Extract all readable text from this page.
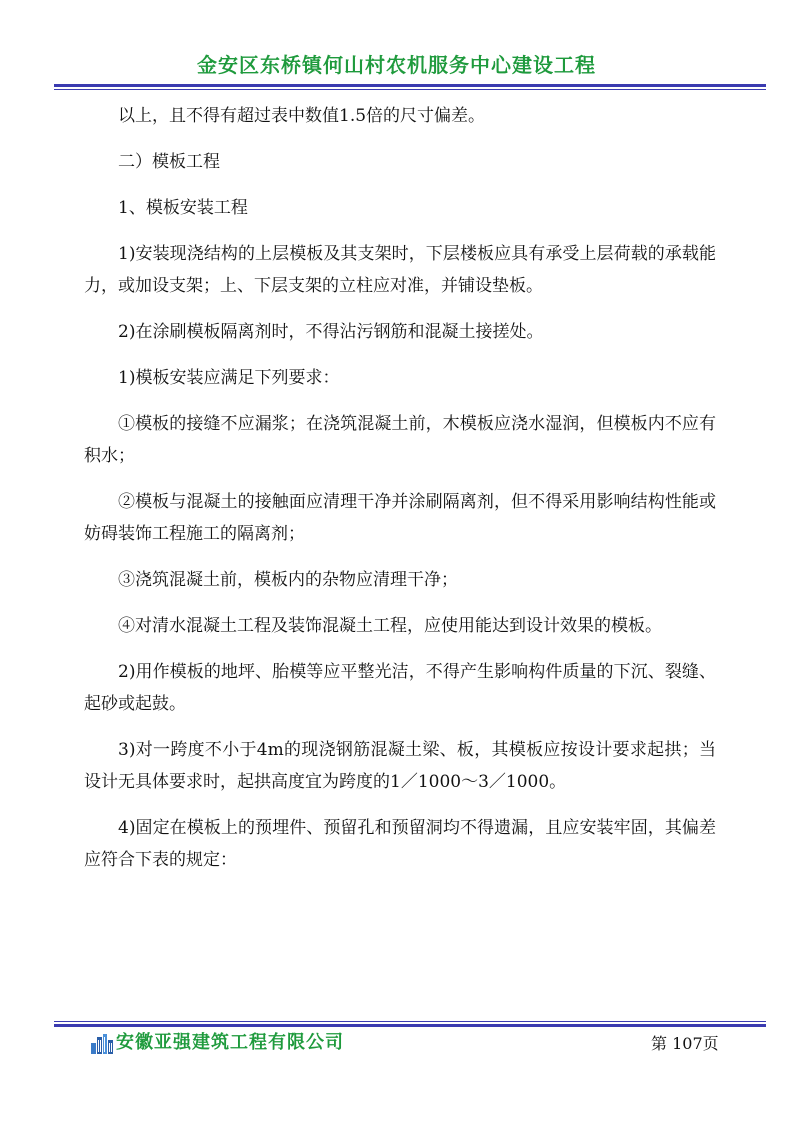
金安区东桥镇何山村农机服务中心建设工程

以上，且不得有超过表中数值1.5倍的尺寸偏差。

二）模板工程

1、模板安装工程

1)安装现浇结构的上层模板及其支架时，下层楼板应具有承受上层荷载的承载能力，或加设支架；上、下层支架的立柱应对准，并铺设垫板。

2)在涂刷模板隔离剂时，不得沾污钢筋和混凝土接搓处。

1)模板安装应满足下列要求：

①模板的接缝不应漏浆；在浇筑混凝土前，木模板应浇水湿润，但模板内不应有积水；

②模板与混凝土的接触面应清理干净并涂刷隔离剂，但不得采用影响结构性能或妨碍装饰工程施工的隔离剂；

③浇筑混凝土前，模板内的杂物应清理干净；

④对清水混凝土工程及装饰混凝土工程，应使用能达到设计效果的模板。

2)用作模板的地坪、胎模等应平整光洁，不得产生影响构件质量的下沉、裂缝、起砂或起鼓。

3)对一跨度不小于4m的现浇钢筋混凝土梁、板，其模板应按设计要求起拱；当设计无具体要求时，起拱高度宜为跨度的1／1000～3／1000。

4)固定在模板上的预埋件、预留孔和预留洞均不得遗漏，且应安装牢固，其偏差应符合下表的规定：

安徽亚强建筑工程有限公司	第 107页
